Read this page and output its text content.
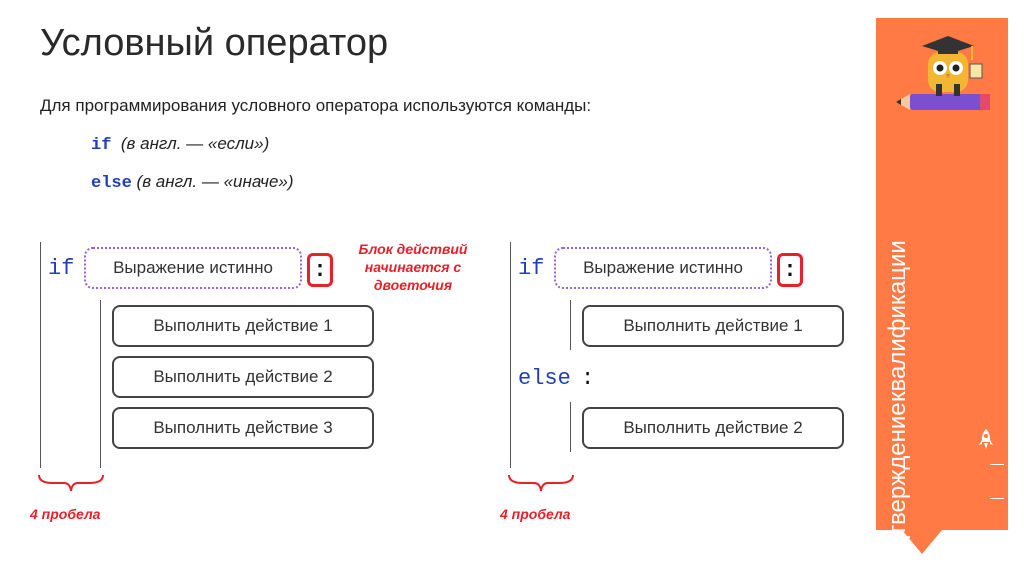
Условный оператор
Для программирования условного оператора используются команды:
if (в англ. — «если»)
else (в англ. — «иначе»)
if	Выражение истинно	:
Блок действий
начинается с
двоеточия
Выполнить действие 1
Выполнить действие 2
Выполнить действие 3
4 пробела
if	Выражение истинно	:
Выполнить действие 1
else :
Выполнить действие 2
4 пробела	Подтверждение
квалификации
